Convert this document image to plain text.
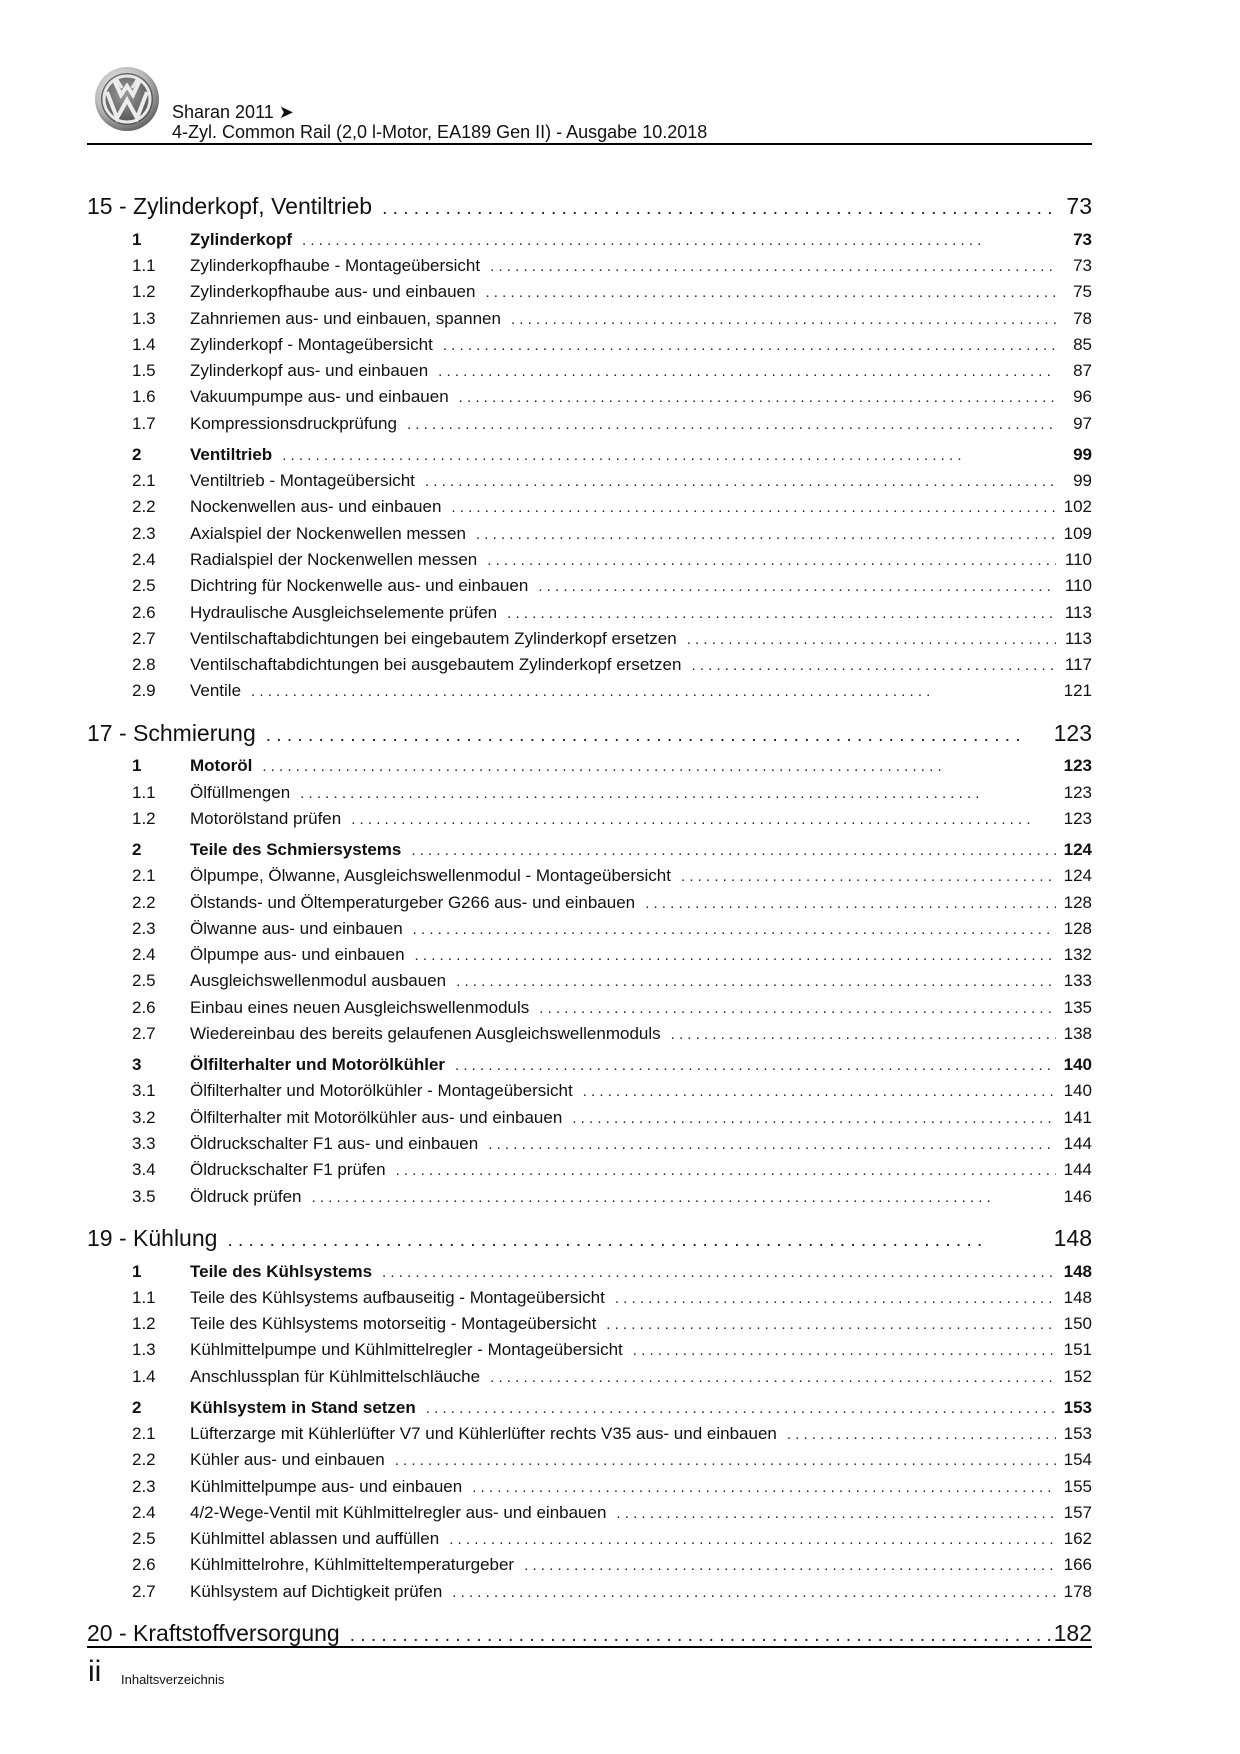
Sharan 2011 ➤
4-Zyl. Common Rail (2,0 l-Motor, EA189 Gen II) - Ausgabe 10.2018
15 - Zylinderkopf, Ventiltrieb . . .	73
1	Zylinderkopf . . .	73
1.1	Zylinderkopfhaube - Montageübersicht . . .	73
1.2	Zylinderkopfhaube aus- und einbauen . . .	75
1.3	Zahnriemen aus- und einbauen, spannen . . .	78
1.4	Zylinderkopf - Montageübersicht . . .	85
1.5	Zylinderkopf aus- und einbauen . . .	87
1.6	Vakuumpumpe aus- und einbauen . . .	96
1.7	Kompressionsdruckprüfung . . .	97
2	Ventiltrieb . . .	99
2.1	Ventiltrieb - Montageübersicht . . .	99
2.2	Nockenwellen aus- und einbauen . . .	102
2.3	Axialspiel der Nockenwellen messen . . .	109
2.4	Radialspiel der Nockenwellen messen . . .	110
2.5	Dichtring für Nockenwelle aus- und einbauen . . .	110
2.6	Hydraulische Ausgleichselemente prüfen . . .	113
2.7	Ventilschaftabdichtungen bei eingebautem Zylinderkopf ersetzen . . .	113
2.8	Ventilschaftabdichtungen bei ausgebautem Zylinderkopf ersetzen . . .	117
2.9	Ventile . . .	121
17 - Schmierung . . .	123
1	Motoröl . . .	123
1.1	Ölfüllmengen . . .	123
1.2	Motorölstand prüfen . . .	123
2	Teile des Schmiersystems . . .	124
2.1	Ölpumpe, Ölwanne, Ausgleichswellenmodul - Montageübersicht . . .	124
2.2	Ölstands- und Öltemperaturgeber G266 aus- und einbauen . . .	128
2.3	Ölwanne aus- und einbauen . . .	128
2.4	Ölpumpe aus- und einbauen . . .	132
2.5	Ausgleichswellenmodul ausbauen . . .	133
2.6	Einbau eines neuen Ausgleichswellenmoduls . . .	135
2.7	Wiedereinbau des bereits gelaufenen Ausgleichswellenmoduls . . .	138
3	Ölfilterhalter und Motorölkühler . . .	140
3.1	Ölfilterhalter und Motorölkühler - Montageübersicht . . .	140
3.2	Ölfilterhalter mit Motorölkühler aus- und einbauen . . .	141
3.3	Öldruckschalter F1 aus- und einbauen . . .	144
3.4	Öldruckschalter F1 prüfen . . .	144
3.5	Öldruck prüfen . . .	146
19 - Kühlung . . .	148
1	Teile des Kühlsystems . . .	148
1.1	Teile des Kühlsystems aufbauseitig - Montageübersicht . . .	148
1.2	Teile des Kühlsystems motorseitig - Montageübersicht . . .	150
1.3	Kühlmittelpumpe und Kühlmittelregler - Montageübersicht . . .	151
1.4	Anschlussplan für Kühlmittelschläuche . . .	152
2	Kühlsystem in Stand setzen . . .	153
2.1	Lüfterzarge mit Kühlerlüfter V7 und Kühlerlüfter rechts V35 aus- und einbauen . . .	153
2.2	Kühler aus- und einbauen . . .	154
2.3	Kühlmittelpumpe aus- und einbauen . . .	155
2.4	4/2-Wege-Ventil mit Kühlmittelregler aus- und einbauen . . .	157
2.5	Kühlmittel ablassen und auffüllen . . .	162
2.6	Kühlmittelrohre, Kühlmitteltemperaturgeber . . .	166
2.7	Kühlsystem auf Dichtigkeit prüfen . . .	178
20 - Kraftstoffversorgung . . .	182
ii Inhaltsverzeichnis
